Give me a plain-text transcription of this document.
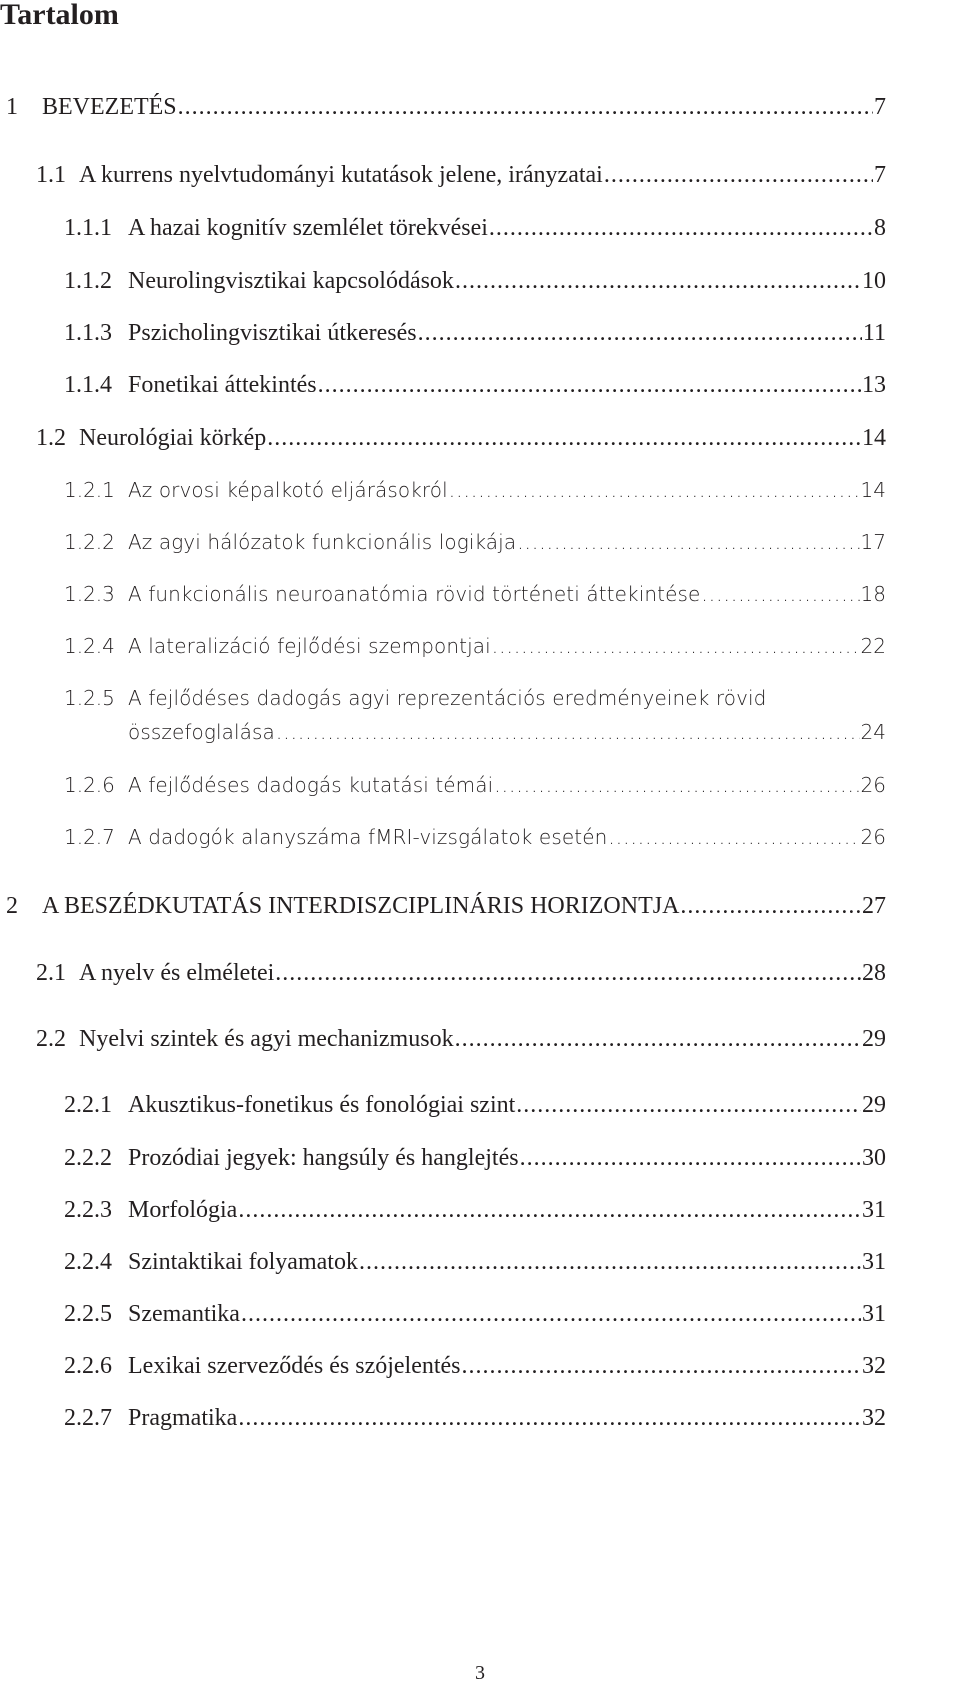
Tartalom
1	BEVEZETÉS .....	7
1.1 A kurrens nyelvtudományi kutatások jelene, irányzatai .....	7
1.1.1 A hazai kognitív szemlélet törekvései .....	8
1.1.2 Neurolingvisztikai kapcsolódások .....	10
1.1.3 Pszicholingvisztikai útkeresés .....	11
1.1.4 Fonetikai áttekintés .....	13
1.2 Neurológiai körkép .....	14
1.2.1 Az orvosi képalkotó eljárásokról .....	14
1.2.2 Az agyi hálózatok funkcionális logikája .....	17
1.2.3 A funkcionális neuroanatómia rövid történeti áttekintése .....	18
1.2.4 A lateralizáció fejlődési szempontjai .....	22
1.2.5 A fejlődéses dadogás agyi reprezentációs eredményeinek rövid
összefoglalása .....	24
1.2.6 A fejlődéses dadogás kutatási témái .....	26
1.2.7 A dadogók alanyszáma fMRI-vizsgálatok esetén .....	26
2	A BESZÉDKUTATÁS INTERDISZCIPLINÁRIS HORIZONTJA .....	27
2.1 A nyelv és elméletei .....	28
2.2 Nyelvi szintek és agyi mechanizmusok .....	29
2.2.1 Akusztikus-fonetikus és fonológiai szint .....	29
2.2.2 Prozódiai jegyek: hangsúly és hanglejtés .....	30
2.2.3 Morfológia .....	31
2.2.4 Szintaktikai folyamatok .....	31
2.2.5 Szemantika .....	31
2.2.6 Lexikai szerveződés és szójelentés .....	32
2.2.7 Pragmatika .....	32
3
